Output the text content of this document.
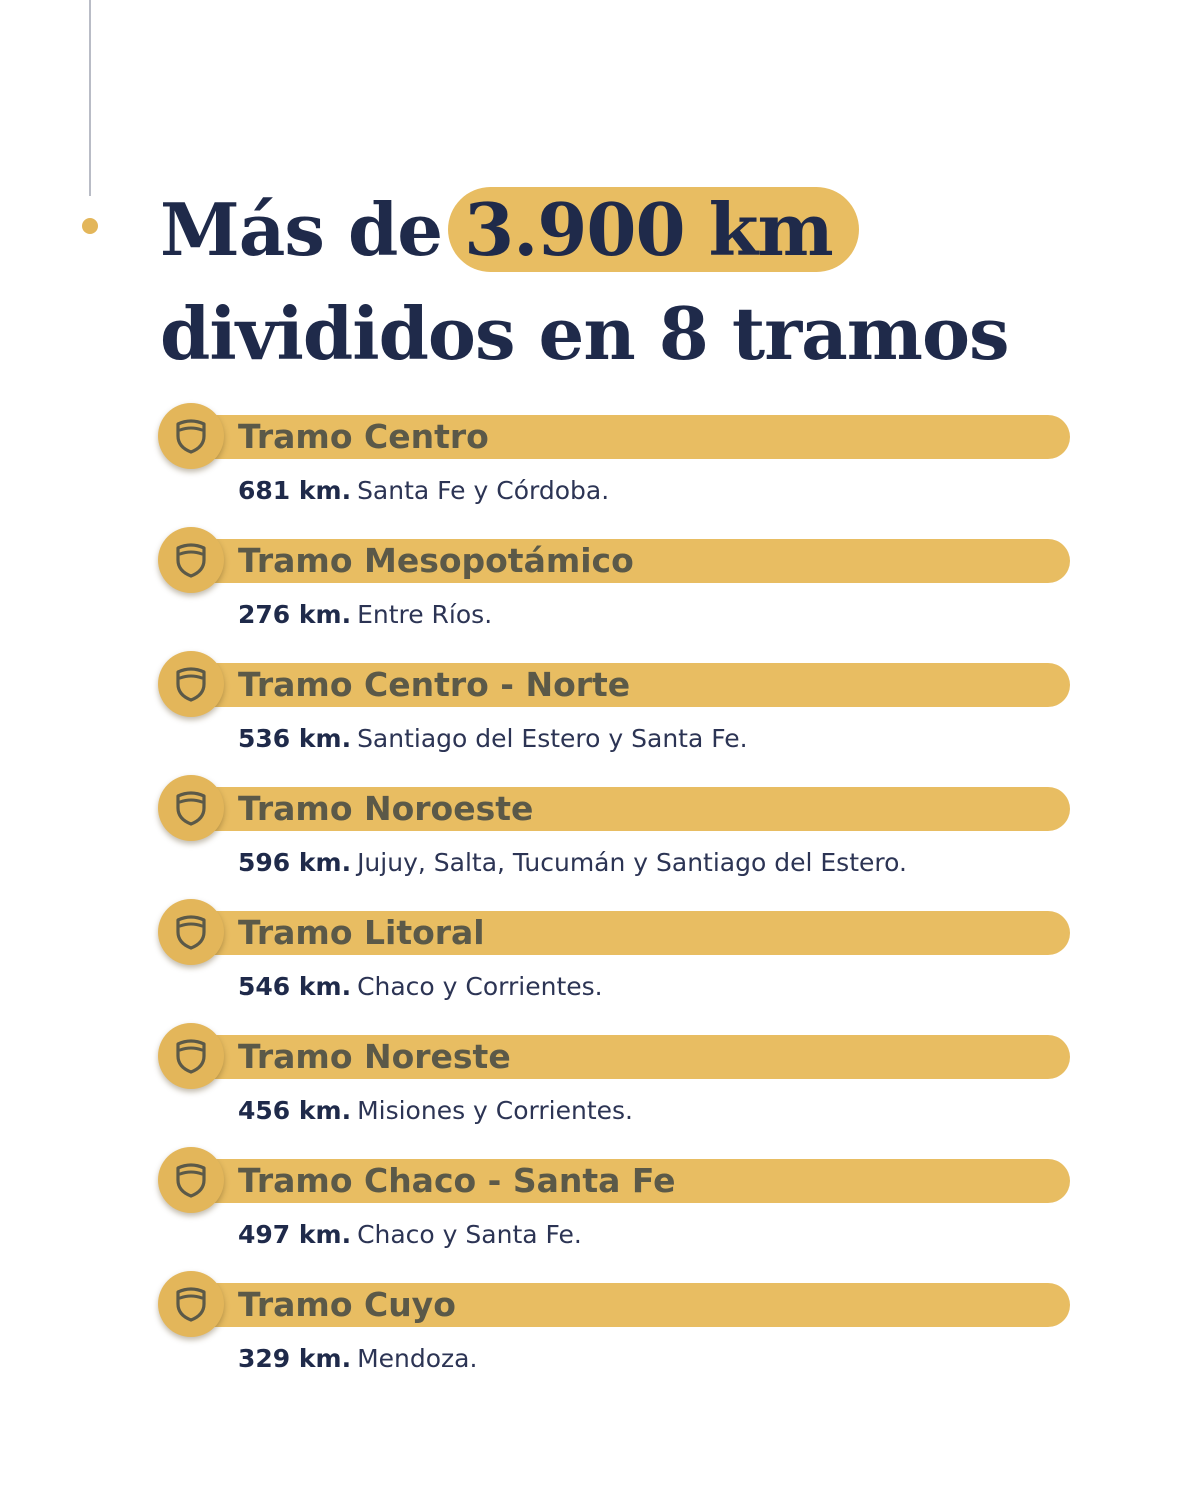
Más de 3.900 km
divididos en 8 tramos
Tramo Centro
681 km. Santa Fe y Córdoba.
Tramo Mesopotámico
276 km. Entre Ríos.
Tramo Centro - Norte
536 km. Santiago del Estero y Santa Fe.
Tramo Noroeste
596 km. Jujuy, Salta, Tucumán y Santiago del Estero.
Tramo Litoral
546 km. Chaco y Corrientes.
Tramo Noreste
456 km. Misiones y Corrientes.
Tramo Chaco - Santa Fe
497 km. Chaco y Santa Fe.
Tramo Cuyo
329 km. Mendoza.
